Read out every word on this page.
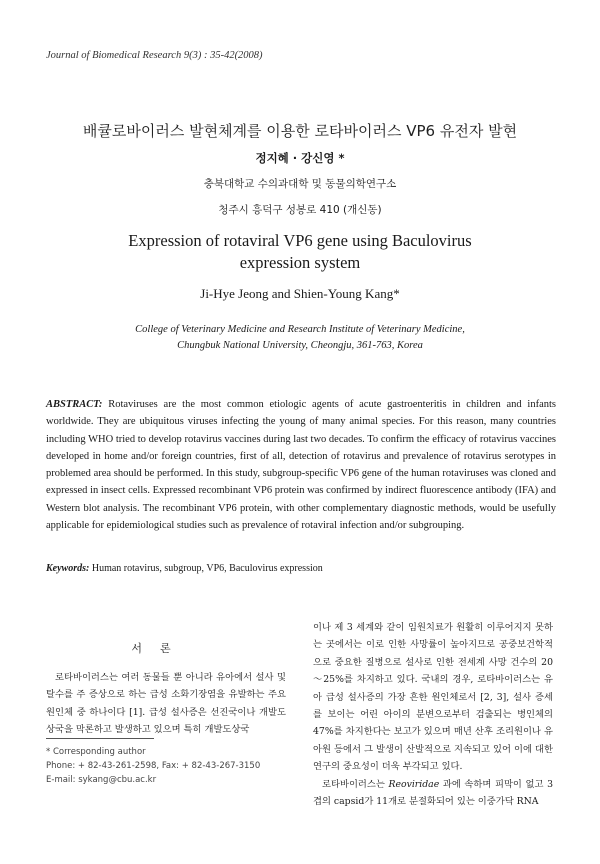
Journal of Biomedical Research 9(3) : 35-42(2008)
배큘로바이러스 발현체계를 이용한 로타바이러스 VP6 유전자 발현
정지혜 · 강신영 *
충북대학교 수의과대학 및 동물의학연구소
청주시 흥덕구 성봉로 410 (개신동)
Expression of rotaviral VP6 gene using Baculovirus
expression system
Ji-Hye Jeong and Shien-Young Kang*
College of Veterinary Medicine and Research Institute of Veterinary Medicine,
Chungbuk National University, Cheongju, 361-763, Korea

ABSTRACT: Rotaviruses are the most common etiologic agents of acute gastroenteritis in children and infants worldwide. They are ubiquitous viruses infecting the young of many animal species. For this reason, many countries including WHO tried to develop rotavirus vaccines during last two decades. To confirm the efficacy of rotavirus vaccines developed in home and/or foreign countries, first of all, detection of rotavirus and prevalence of rotavirus serotypes in problemed area should be performed. In this study, subgroup-specific VP6 gene of the human rotaviruses was cloned and expressed in insect cells. Expressed recombinant VP6 protein was confirmed by indirect fluorescence antibody (IFA) and Western blot analysis. The recombinant VP6 protein, with other complementary diagnostic methods, would be usefully applicable for epidemiological studies such as prevalence of rotaviral infection and/or subgrouping.

Keywords: Human rotavirus, subgroup, VP6, Baculovirus expression
서론

로타바이러스는 여러 동물들 뿐 아니라 유아에서 설사 및 탈수를 주 증상으로 하는 급성 소화기장염을 유발하는 주요 원인체 중 하나이다 [1]. 급성 설사증은 선진국이나 개발도상국을 막론하고 발생하고 있으며 특히 개발도상국

이나 제 3 세계와 같이 임원치료가 원활히 이루어지지 못하는 곳에서는 이로 인한 사망률이 높아지므로 공중보건학적으로 중요한 질병으로 설사로 인한 전세계 사망 건수의 20～25%를 차지하고 있다. 국내의 경우, 로타바이러스는 유아 급성 설사증의 가장 흔한 원인체로서 [2, 3], 설사 증세를 보이는 어린 아이의 분변으로부터 검출되는 병인체의 47%를 차지한다는 보고가 있으며 매년 산후 조리원이나 유아원 등에서 그 발생이 산발적으로 지속되고 있어 이에 대한 연구의 중요성이 더욱 부각되고 있다.

로타바이러스는 Reoviridae 과에 속하며 피막이 없고 3겹의 capsid가 11개로 분절화되어 있는 이중가닥 RNA

* Corresponding author
Phone: + 82-43-261-2598, Fax: + 82-43-267-3150
E-mail: sykang@cbu.ac.kr
